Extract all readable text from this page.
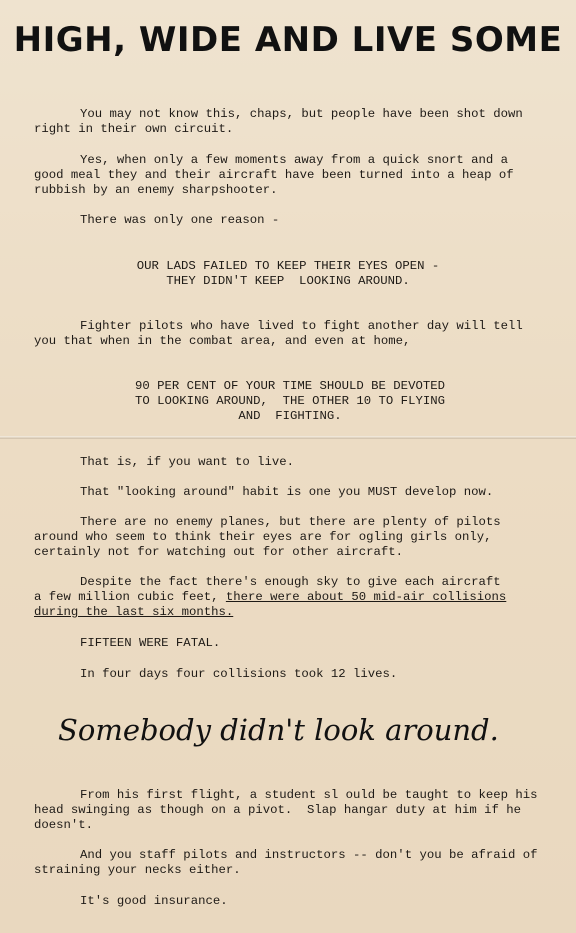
HIGH, WIDE AND LIVE SOME
You may not know this, chaps, but people have been shot down
right in their own circuit.
Yes, when only a few moments away from a quick snort and a
good meal they and their aircraft have been turned into a heap of
rubbish by an enemy sharpshooter.
There was only one reason -
OUR LADS FAILED TO KEEP THEIR EYES OPEN -
THEY DIDN'T KEEP  LOOKING AROUND.
Fighter pilots who have lived to fight another day will tell
you that when in the combat area, and even at home,
90 PER CENT OF YOUR TIME SHOULD BE DEVOTED
TO LOOKING AROUND,  THE OTHER 10 TO FLYING
AND  FIGHTING.
That is, if you want to live.
That "looking around" habit is one you MUST develop now.
There are no enemy planes, but there are plenty of pilots
around who seem to think their eyes are for ogling girls only,
certainly not for watching out for other aircraft.
Despite the fact there's enough sky to give each aircraft
a few million cubic feet, there were about 50 mid-air collisions
during the last six months.
FIFTEEN WERE FATAL.
In four days four collisions took 12 lives.
Somebody didn't look around.
From his first flight, a student sl ould be taught to keep his
head swinging as though on a pivot.  Slap hangar duty at him if he
doesn't.
And you staff pilots and instructors -- don't you be afraid of
straining your necks either.
It's good insurance.
